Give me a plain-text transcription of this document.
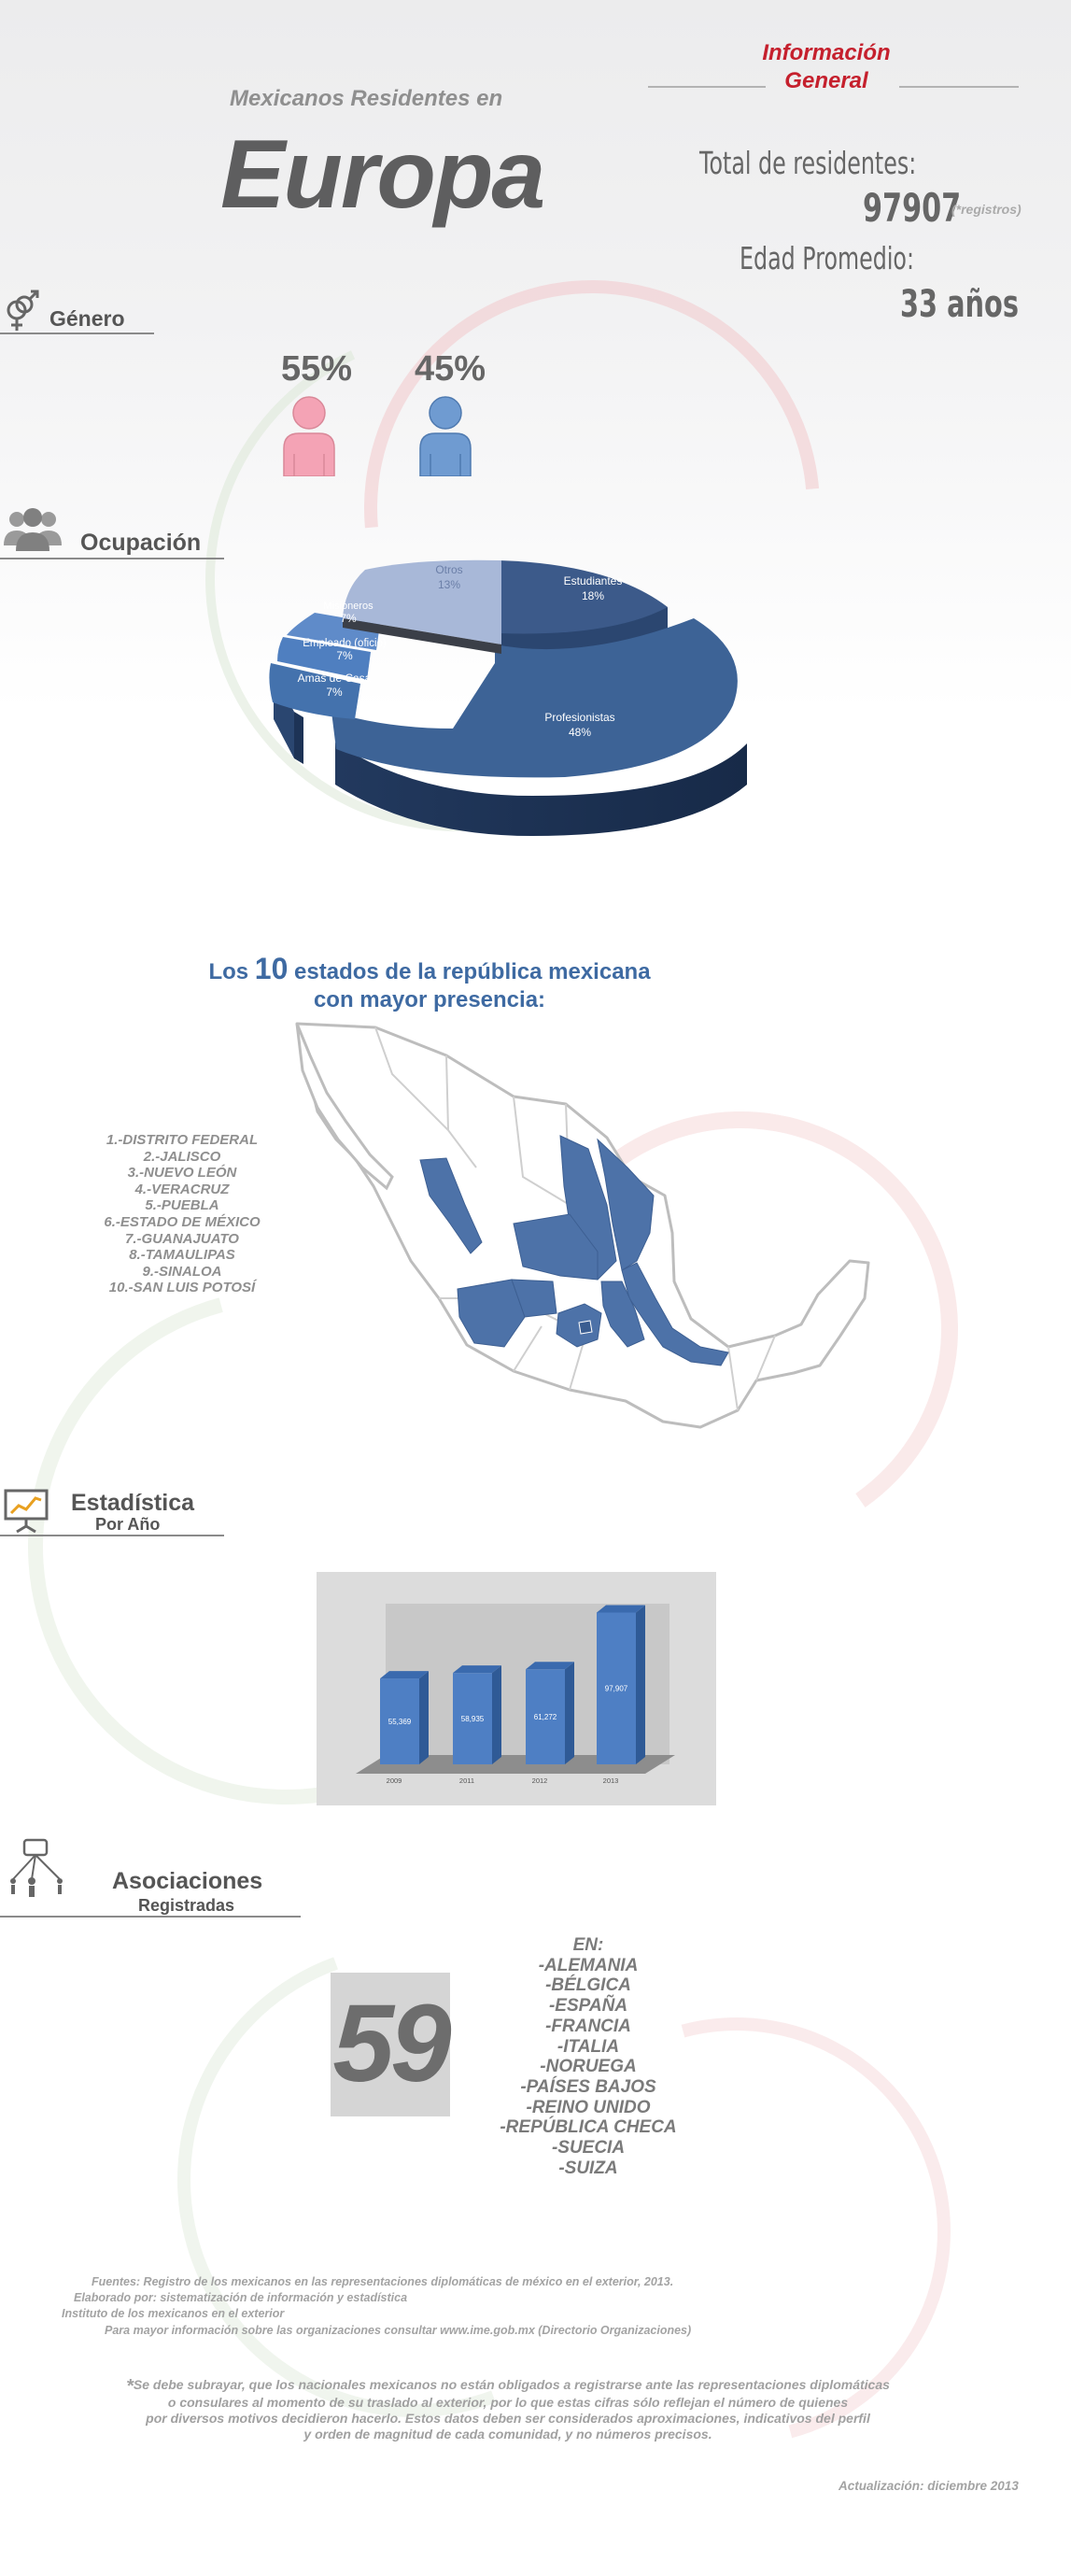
Mexicanos Residentes en
Europa
Información
General
Total de residentes:
97907
(*registros)
Edad Promedio:
33 años
Género
55% 45%
Ocupación
Estudiantes
18%
Profesionistas
48%
Amas de Casa
7%
Empleado (oficio)
7%
Misioneros
7%
Otros
13%
Los 10 estados de la república mexicana
con mayor presencia:
1.-DISTRITO FEDERAL
2.-JALISCO
3.-NUEVO LEÓN
4.-VERACRUZ
5.-PUEBLA
6.-ESTADO DE MÉXICO
7.-GUANAJUATO
8.-TAMAULIPAS
9.-SINALOA
10.-SAN LUIS POTOSÍ
Estadística
Por Año
55,369
2009
58,935
2011
61,272
2012
97,907
2013
Asociaciones
Registradas
59
EN:
-ALEMANIA
-BÉLGICA
-ESPAÑA
-FRANCIA
-ITALIA
-NORUEGA
-PAÍSES BAJOS
-REINO UNIDO
-REPÚBLICA CHECA
-SUECIA
-SUIZA
Fuentes: Registro de los mexicanos en las representaciones diplomáticas de méxico en el exterior, 2013.
Elaborado por: sistematización de información y estadística
Instituto de los mexicanos en el exterior
Para mayor información sobre las organizaciones consultar www.ime.gob.mx (Directorio Organizaciones)
*Se debe subrayar, que los nacionales mexicanos no están obligados a registrarse ante las representaciones diplomáticas
o consulares al momento de su traslado al exterior, por lo que estas cifras sólo reflejan el número de quienes
por diversos motivos decidieron hacerlo. Estos datos deben ser considerados aproximaciones, indicativos del perfil
y orden de magnitud de cada comunidad, y no números precisos.
Actualización: diciembre 2013
